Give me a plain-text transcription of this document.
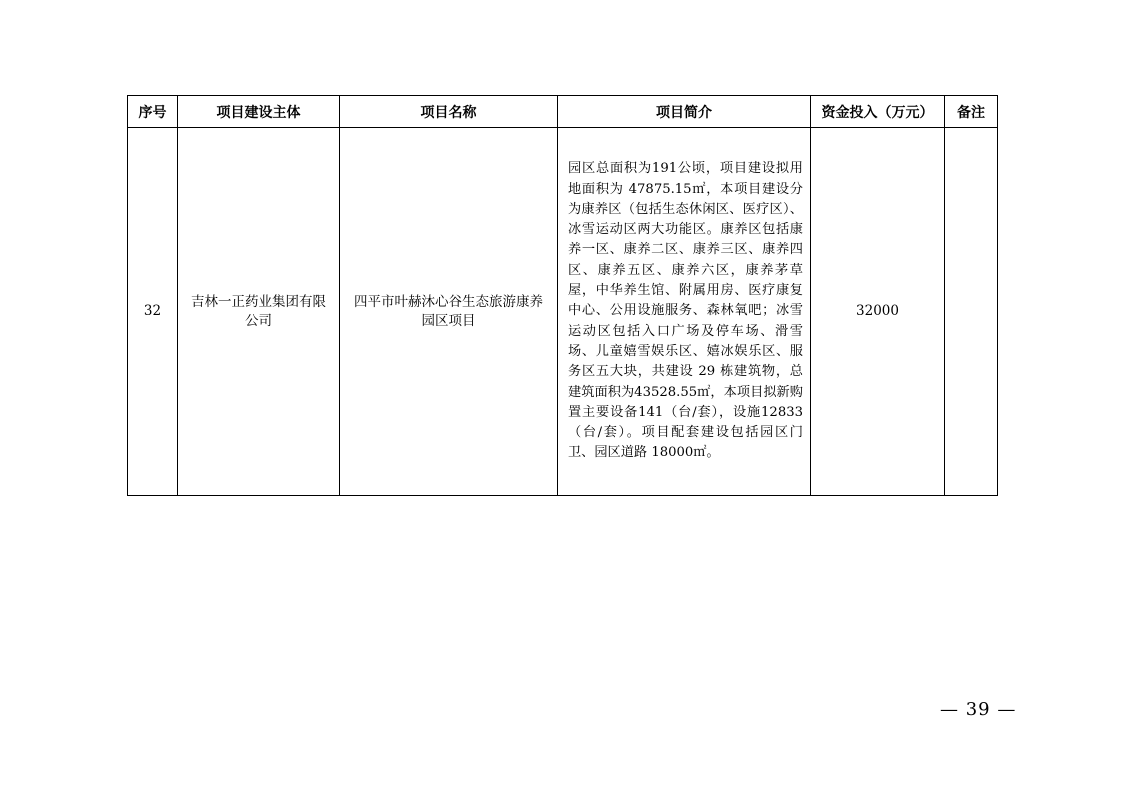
序号	项目建设主体	项目名称	项目简介	资金投入（万元）	备注
32	吉林一正药业集团有限公司	四平市叶赫沐心谷生态旅游康养园区项目	园区总面积为191公顷，项目建设拟用地面积为 47875.15㎡，本项目建设分为康养区（包括生态休闲区、医疗区）、冰雪运动区两大功能区。康养区包括康养一区、康养二区、康养三区、康养四区、康养五区、康养六区，康养茅草屋，中华养生馆、附属用房、医疗康复中心、公用设施服务、森林氧吧；冰雪运动区包括入口广场及停车场、滑雪场、儿童嬉雪娱乐区、嬉冰娱乐区、服务区五大块，共建设 29 栋建筑物，总建筑面积为43528.55㎡，本项目拟新购置主要设备141（台/套），设施12833（台/套）。项目配套建设包括园区门卫、园区道路 18000㎡。	32000	
— 39 —
